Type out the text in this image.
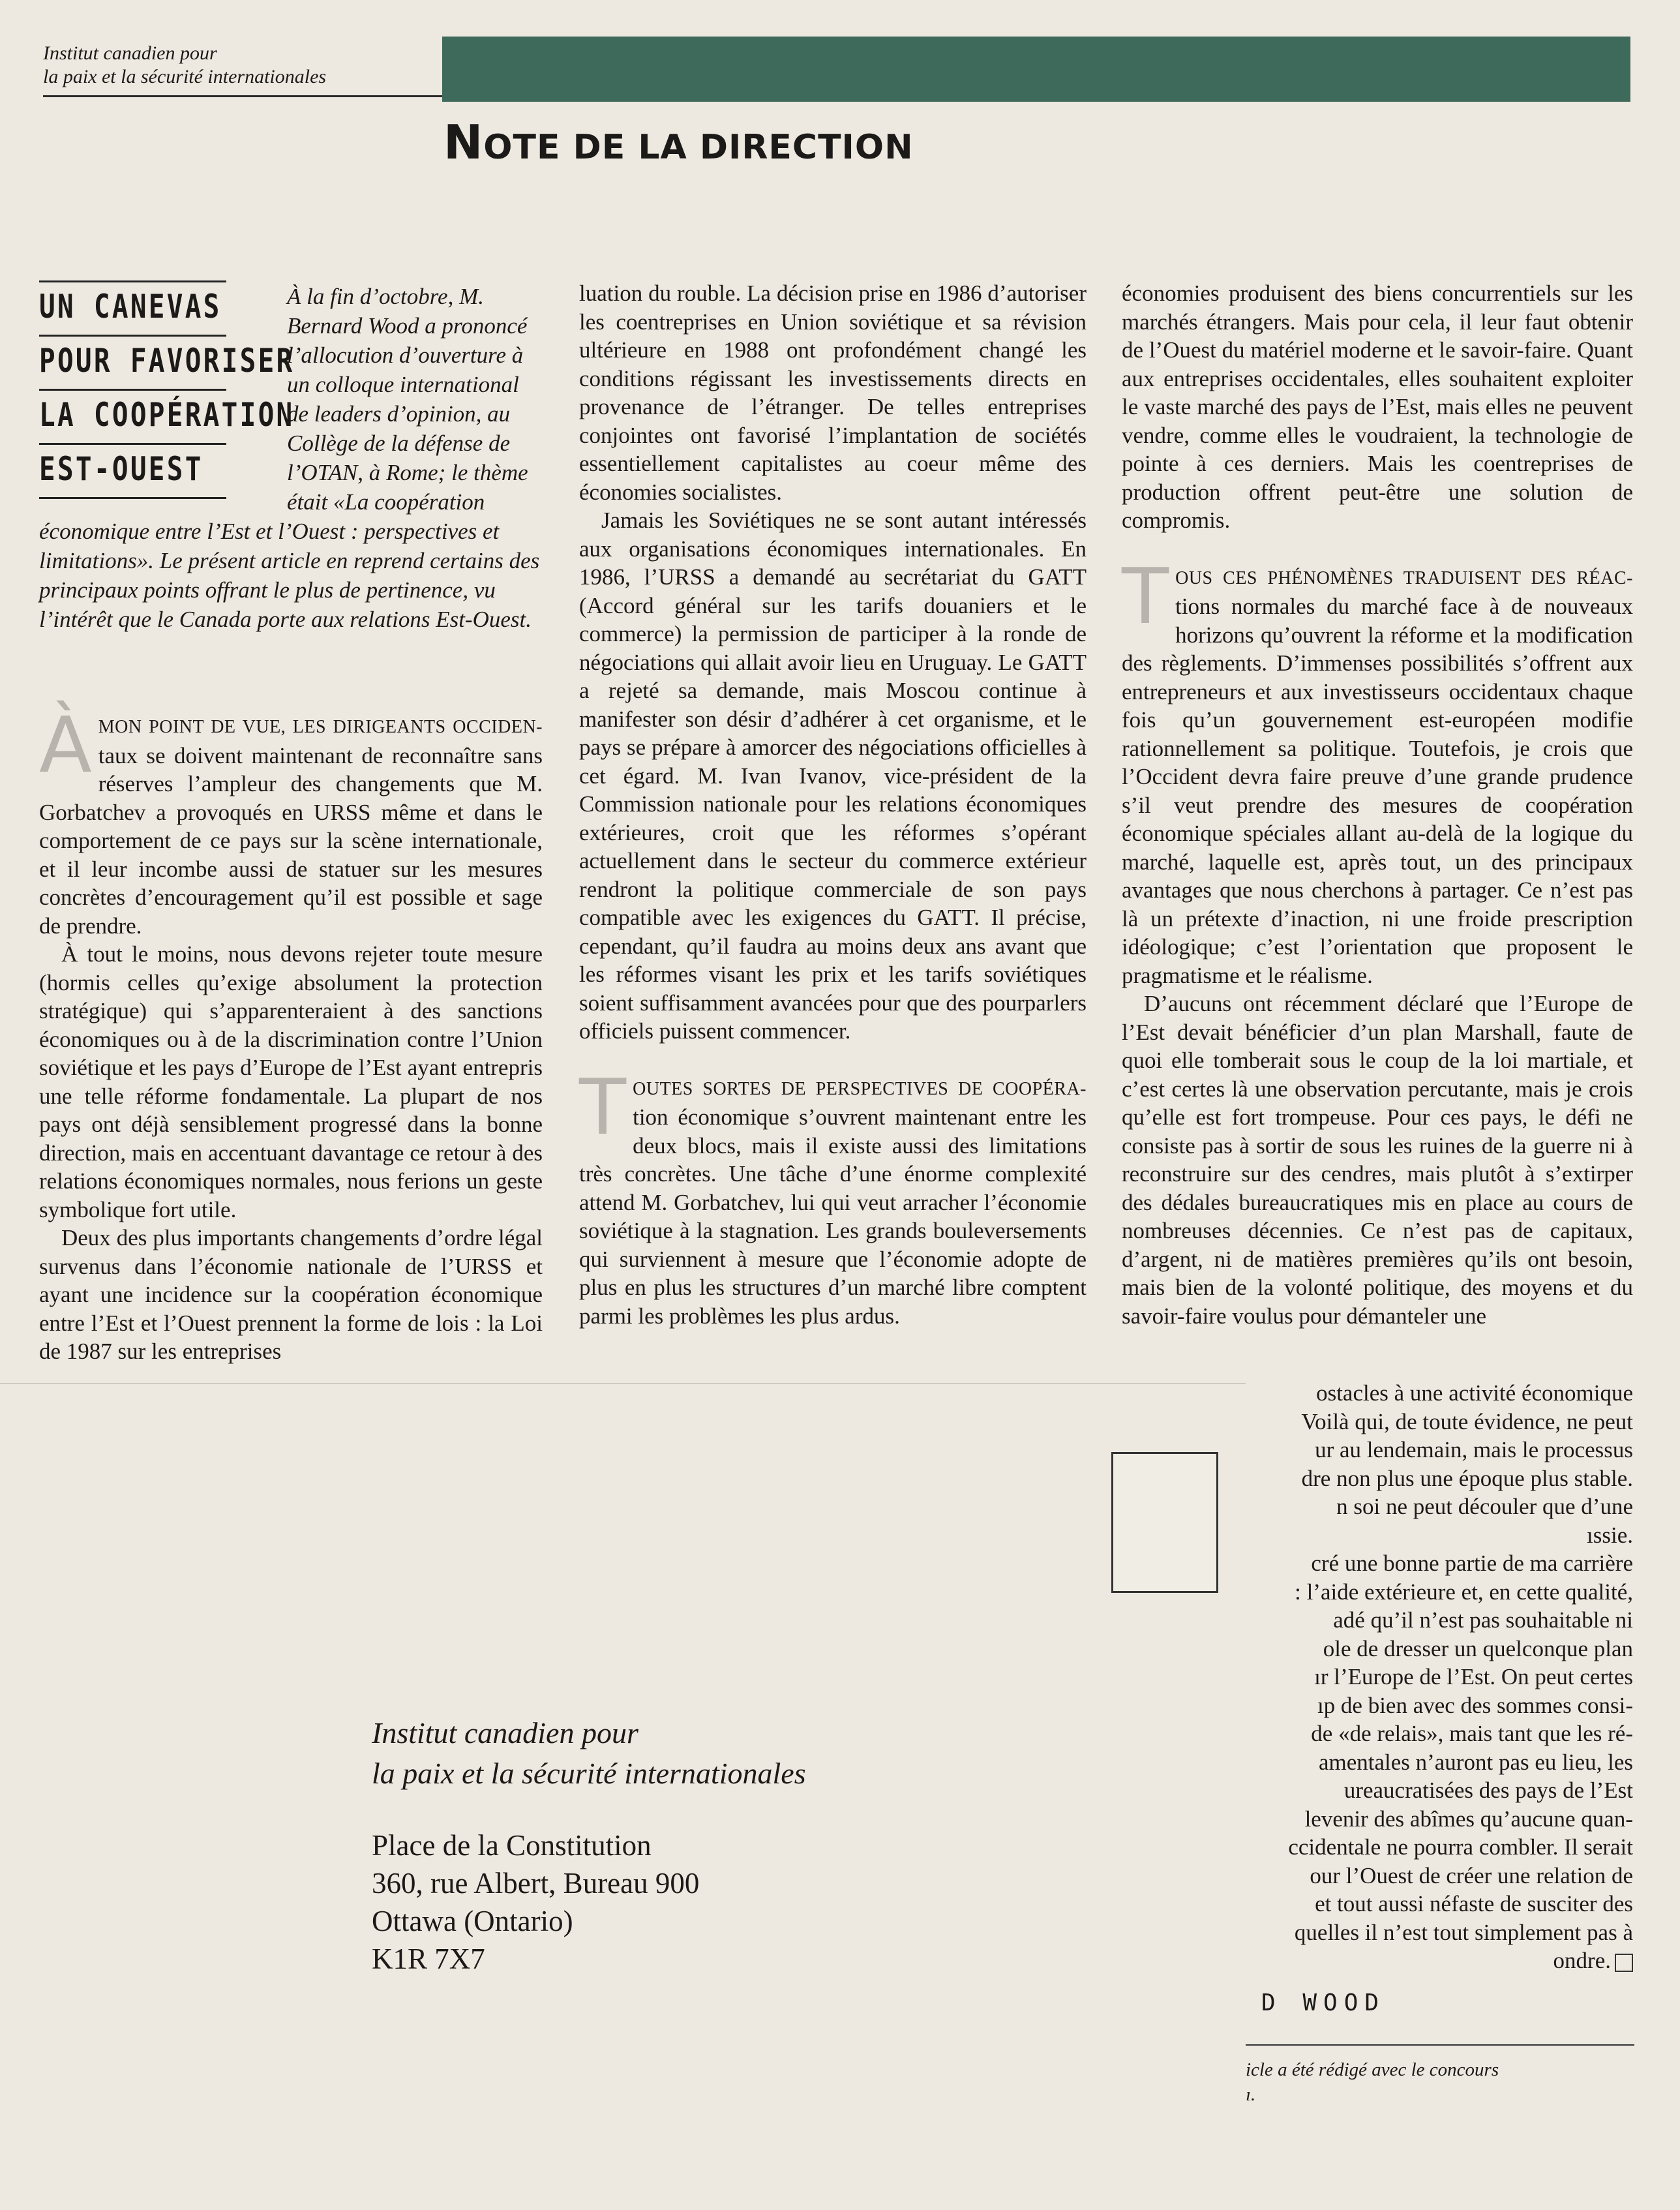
Institut canadien pour
la paix et la sécurité internationales
NOTE DE LA DIRECTION
À la fin d’octobre, M. Bernard Wood a prononcé l’allocution d’ouverture à un colloque international de leaders d’opinion, au Collège de la défense de l’OTAN, à Rome; le thème était «La coopération économique entre l’Est et l’Ouest : perspectives et limitations». Le présent article en reprend certains des principaux points offrant le plus de pertinence, vu l’intérêt que le Canada porte aux relations Est-Ouest.
UN CANEVAS
POUR FAVORISER
LA COOPÉRATION
EST-OUEST

ÀMON POINT DE VUE, LES DIRIGEANTS OCCIDEN- taux se doivent maintenant de reconnaître sans réserves l’ampleur des changements que M. Gorbatchev a provoqués en URSS même et dans le comportement de ce pays sur la scène internationale, et il leur incombe aussi de statuer sur les mesures concrètes d’encouragement qu’il est possible et sage de prendre.

À tout le moins, nous devons rejeter toute mesure (hormis celles qu’exige absolument la protection stratégique) qui s’apparenteraient à des sanctions économiques ou à de la discrimination contre l’Union soviétique et les pays d’Europe de l’Est ayant entrepris une telle réforme fondamentale. La plupart de nos pays ont déjà sensiblement progressé dans la bonne direction, mais en accentuant davantage ce retour à des relations économiques normales, nous ferions un geste symbolique fort utile.

Deux des plus importants changements d’ordre légal survenus dans l’économie nationale de l’URSS et ayant une incidence sur la coopération économique entre l’Est et l’Ouest prennent la forme de lois : la Loi de 1987 sur les entreprises

luation du rouble. La décision prise en 1986 d’autoriser les coentreprises en Union soviétique et sa révision ultérieure en 1988 ont profondément changé les conditions régissant les investissements directs en provenance de l’étranger. De telles entreprises conjointes ont favorisé l’implantation de sociétés essentiellement capitalistes au coeur même des économies socialistes.

Jamais les Soviétiques ne se sont autant intéressés aux organisations économiques internationales. En 1986, l’URSS a demandé au secrétariat du GATT (Accord général sur les tarifs douaniers et le commerce) la permission de participer à la ronde de négociations qui allait avoir lieu en Uruguay. Le GATT a rejeté sa demande, mais Moscou continue à manifester son désir d’adhérer à cet organisme, et le pays se prépare à amorcer des négociations officielles à cet égard. M. Ivan Ivanov, vice-président de la Commission nationale pour les relations économiques extérieures, croit que les réformes s’opérant actuellement dans le secteur du commerce extérieur rendront la politique commerciale de son pays compatible avec les exigences du GATT. Il précise, cependant, qu’il faudra au moins deux ans avant que les réformes visant les prix et les tarifs soviétiques soient suffisamment avancées pour que des pourparlers officiels puissent commencer.

TOUTES SORTES DE PERSPECTIVES DE COOPÉRA- tion économique s’ouvrent maintenant entre les deux blocs, mais il existe aussi des limitations très concrètes. Une tâche d’une énorme complexité attend M. Gorbatchev, lui qui veut arracher l’économie soviétique à la stagnation. Les grands bouleversements qui surviennent à mesure que l’économie adopte de plus en plus les structures d’un marché libre comptent parmi les problèmes les plus ardus.

économies produisent des biens concurrentiels sur les marchés étrangers. Mais pour cela, il leur faut obtenir de l’Ouest du matériel moderne et le savoir-faire. Quant aux entreprises occidentales, elles souhaitent exploiter le vaste marché des pays de l’Est, mais elles ne peuvent vendre, comme elles le voudraient, la technologie de pointe à ces derniers. Mais les coentreprises de production offrent peut-être une solution de compromis.

TOUS CES PHÉNOMÈNES TRADUISENT DES RÉAC- tions normales du marché face à de nouveaux horizons qu’ouvrent la réforme et la modification des règlements. D’immenses possibilités s’offrent aux entrepreneurs et aux investisseurs occidentaux chaque fois qu’un gouvernement est-européen modifie rationnellement sa politique. Toutefois, je crois que l’Occident devra faire preuve d’une grande prudence s’il veut prendre des mesures de coopération économique spéciales allant au-delà de la logique du marché, laquelle est, après tout, un des principaux avantages que nous cherchons à partager. Ce n’est pas là un prétexte d’inaction, ni une froide prescription idéologique; c’est l’orientation que proposent le pragmatisme et le réalisme.

D’aucuns ont récemment déclaré que l’Europe de l’Est devait bénéficier d’un plan Marshall, faute de quoi elle tomberait sous le coup de la loi martiale, et c’est certes là une observation percutante, mais je crois qu’elle est fort trompeuse. Pour ces pays, le défi ne consiste pas à sortir de sous les ruines de la guerre ni à reconstruire sur des cendres, mais plutôt à s’extirper des dédales bureaucratiques mis en place au cours de nombreuses décennies. Ce n’est pas de capitaux, d’argent, ni de matières premières qu’ils ont besoin, mais bien de la volonté politique, des moyens et du savoir-faire voulus pour démanteler une

ostacles à une activité économique
Voilà qui, de toute évidence, ne peut
ur au lendemain, mais le processus
dre non plus une époque plus stable.
n soi ne peut découler que d’une
ıssie.
cré une bonne partie de ma carrière
: l’aide extérieure et, en cette qualité,
adé qu’il n’est pas souhaitable ni
ole de dresser un quelconque plan
ır l’Europe de l’Est. On peut certes
ıp de bien avec des sommes consi-
de «de relais», mais tant que les ré-
amentales n’auront pas eu lieu, les
ureaucratisées des pays de l’Est
levenir des abîmes qu’aucune quan-
ccidentale ne pourra combler. Il serait
our l’Ouest de créer une relation de
et tout aussi néfaste de susciter des
quelles il n’est tout simplement pas à
ondre.
D WOOD
icle a été rédigé avec le concours
ı.
Institut canadien pour
la paix et la sécurité internationales
Place de la Constitution
360, rue Albert, Bureau 900
Ottawa (Ontario)
K1R 7X7
